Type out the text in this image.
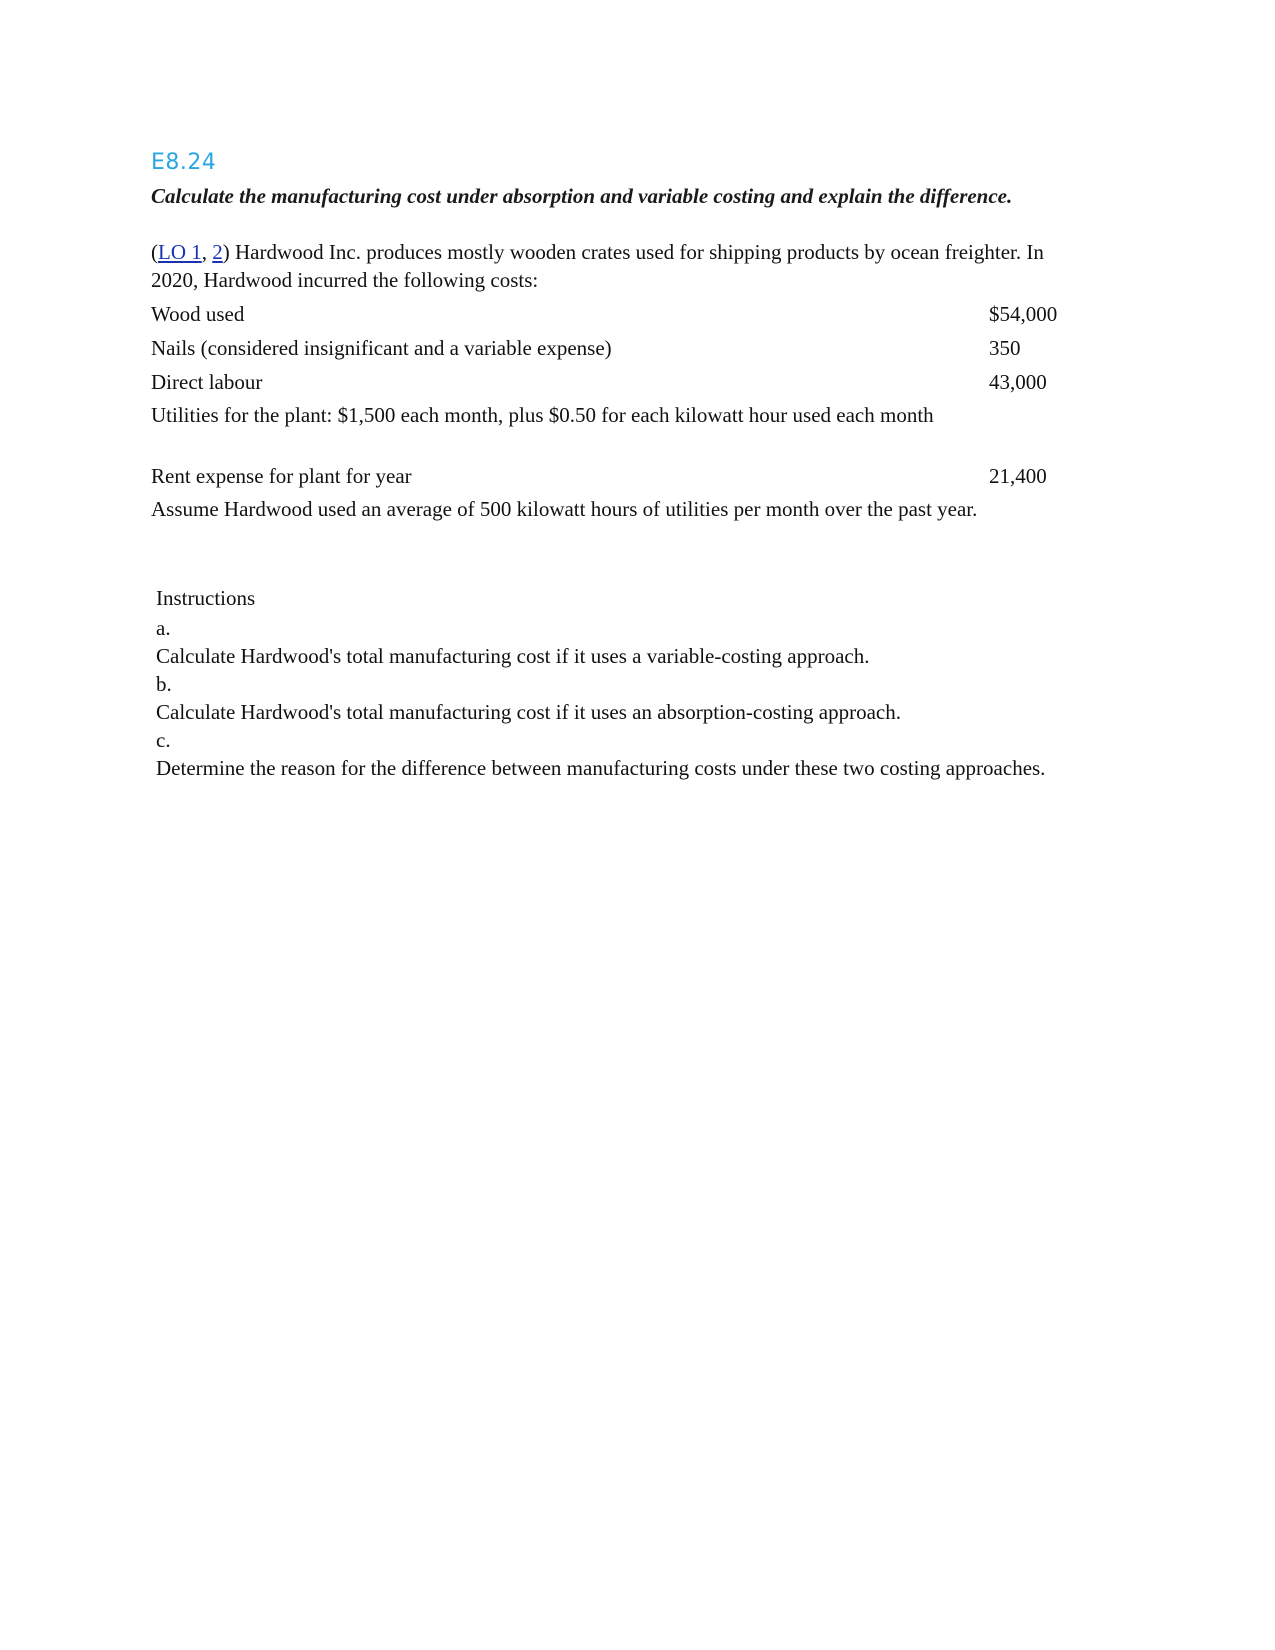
E8.24
Calculate the manufacturing cost under absorption and variable costing and explain the difference.
(LO 1, 2) Hardwood Inc. produces mostly wooden crates used for shipping products by ocean freighter. In 2020, Hardwood incurred the following costs:
Wood used	$54,000
Nails (considered insignificant and a variable expense)	350
Direct labour	43,000
Utilities for the plant: $1,500 each month, plus $0.50 for each kilowatt hour used each month
Rent expense for plant for year	21,400
Assume Hardwood used an average of 500 kilowatt hours of utilities per month over the past year.
Instructions
a.
Calculate Hardwood's total manufacturing cost if it uses a variable-costing approach.
b.
Calculate Hardwood's total manufacturing cost if it uses an absorption-costing approach.
c.
Determine the reason for the difference between manufacturing costs under these two costing approaches.
